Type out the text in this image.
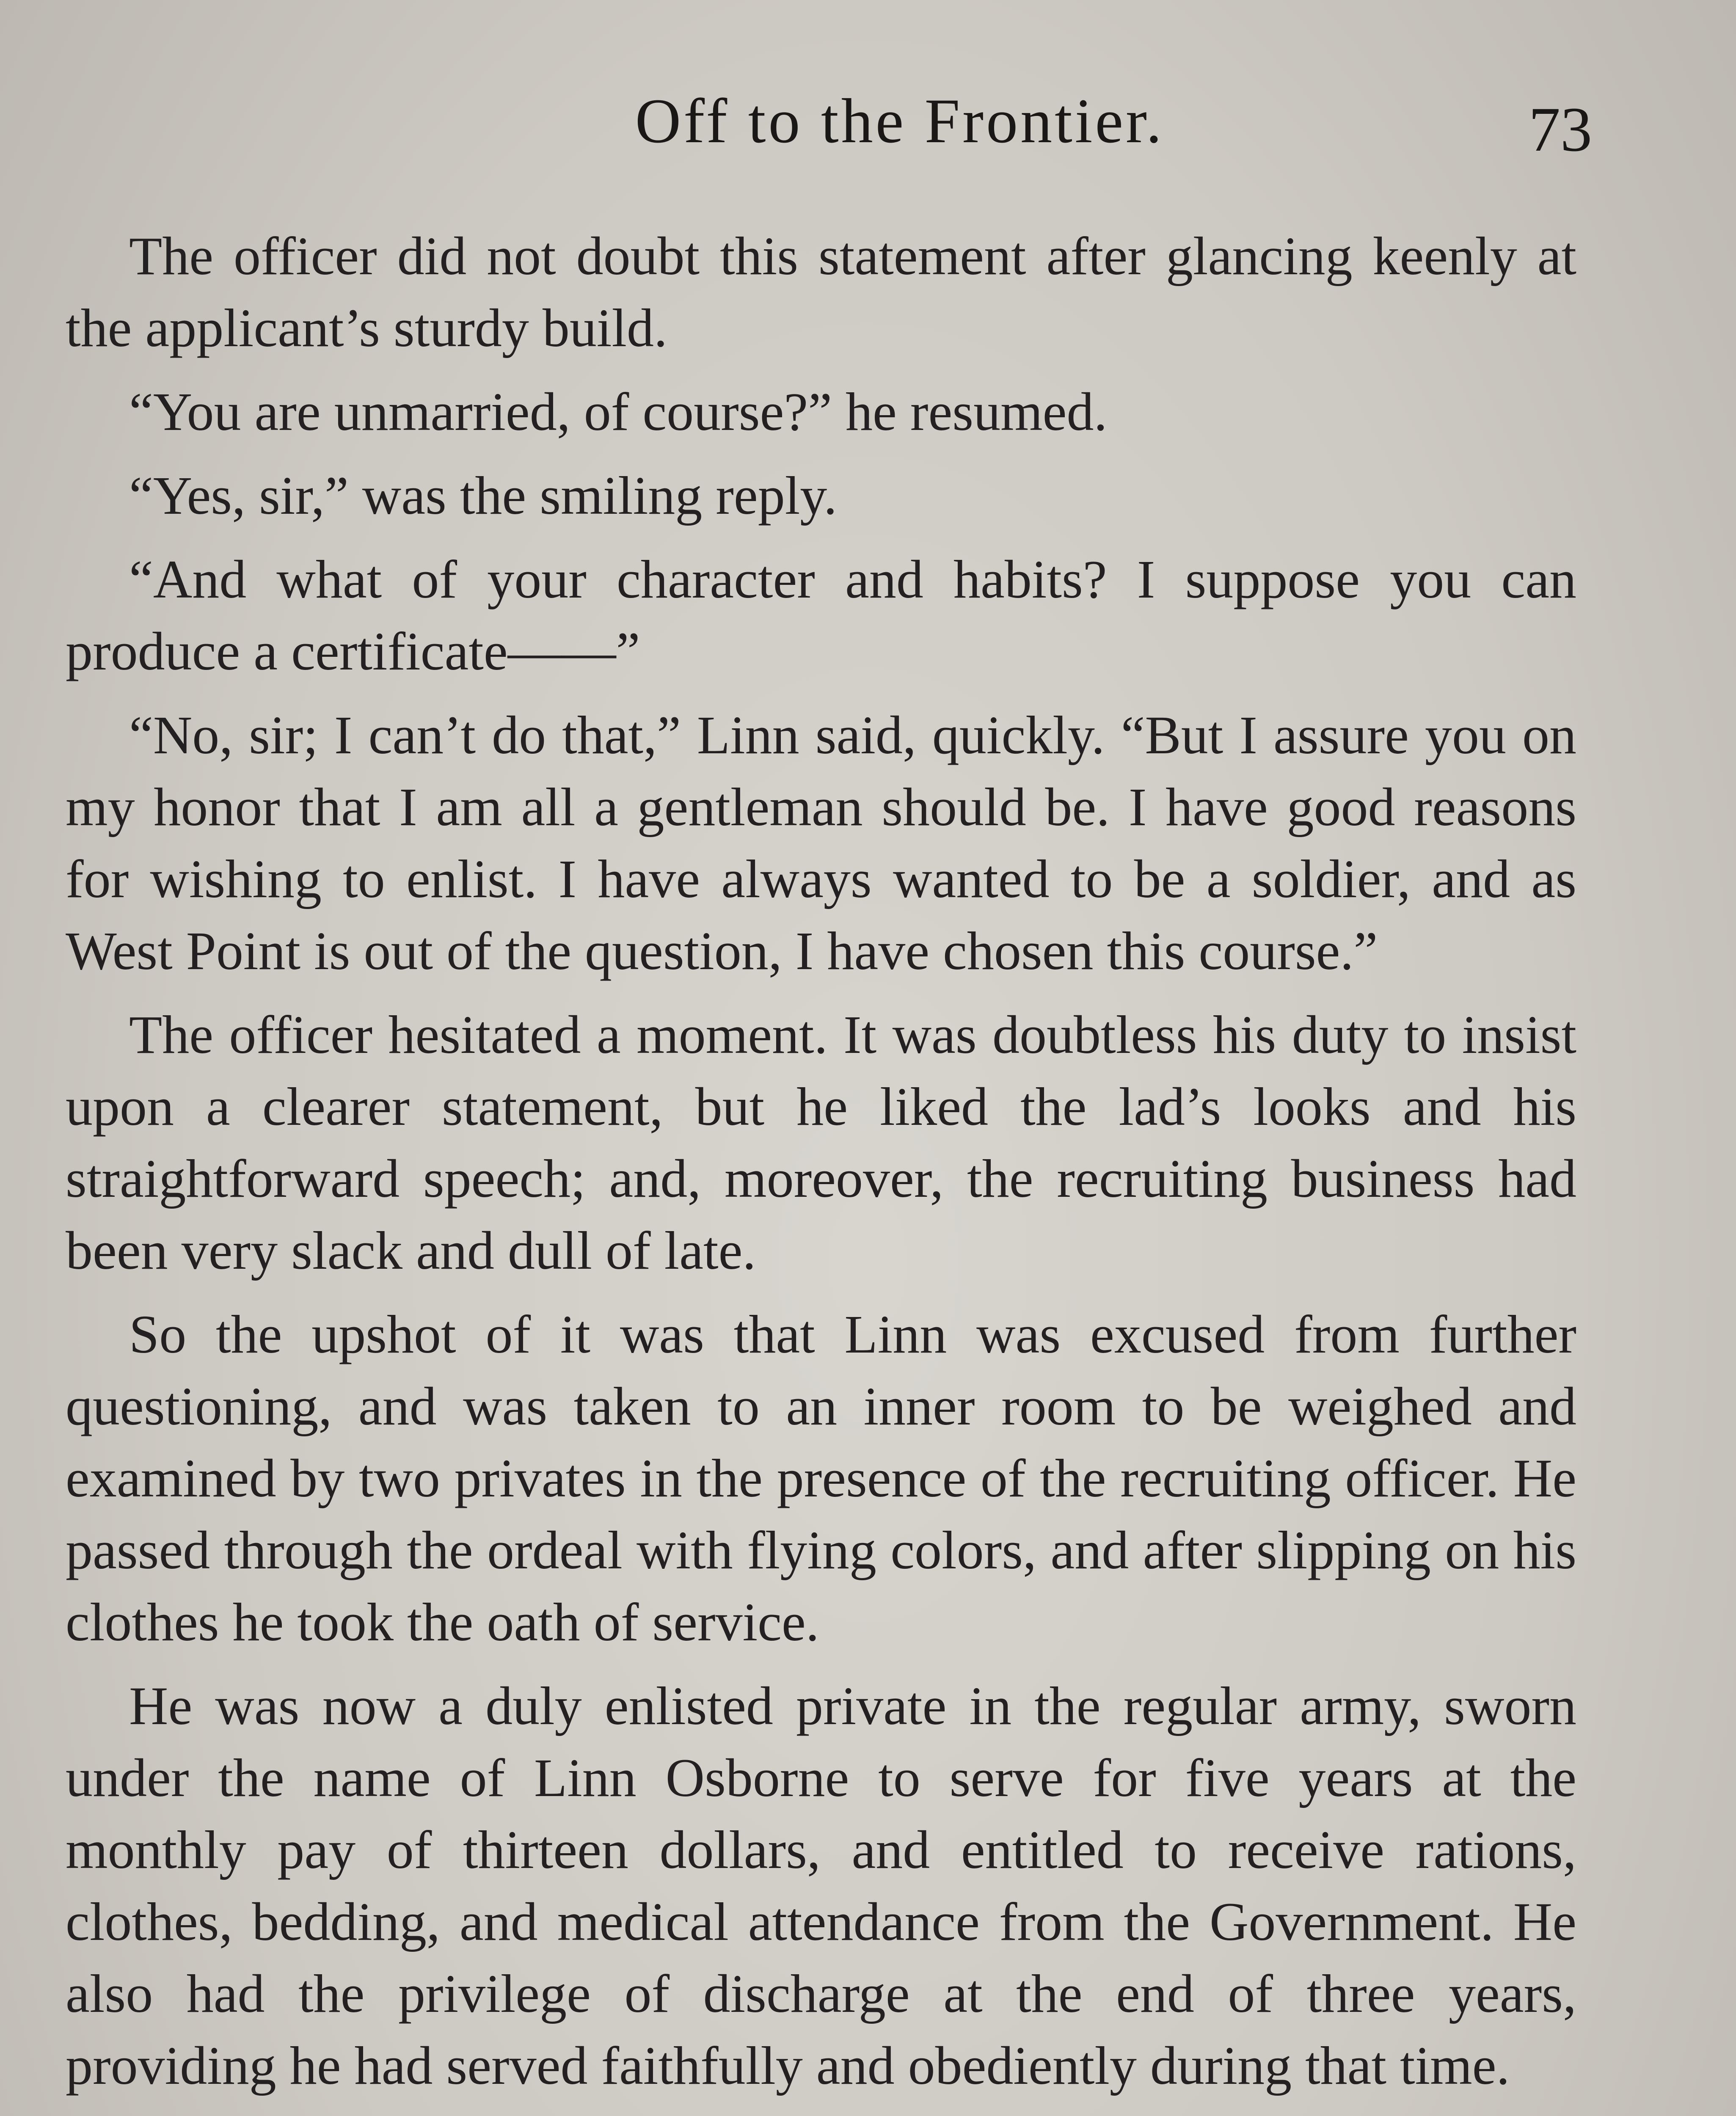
Off to the Frontier.	73

The officer did not doubt this statement after glancing keenly at the applicant’s sturdy build.

“You are unmarried, of course?” he resumed.

“Yes, sir,” was the smiling reply.

“And what of your character and habits? I suppose you can produce a certificate——”

“No, sir; I can’t do that,” Linn said, quickly. “But I assure you on my honor that I am all a gentleman should be. I have good reasons for wishing to enlist. I have always wanted to be a soldier, and as West Point is out of the question, I have chosen this course.”

The officer hesitated a moment. It was doubtless his duty to insist upon a clearer statement, but he liked the lad’s looks and his straightforward speech; and, moreover, the recruiting business had been very slack and dull of late.

So the upshot of it was that Linn was excused from further questioning, and was taken to an inner room to be weighed and examined by two privates in the presence of the recruiting officer. He passed through the ordeal with flying colors, and after slipping on his clothes he took the oath of service.

He was now a duly enlisted private in the regular army, sworn under the name of Linn Osborne to serve for five years at the monthly pay of thirteen dollars, and entitled to receive rations, clothes, bedding, and medical attendance from the Government. He also had the privilege of discharge at the end of three years, providing he had served faithfully and obediently during that time.
